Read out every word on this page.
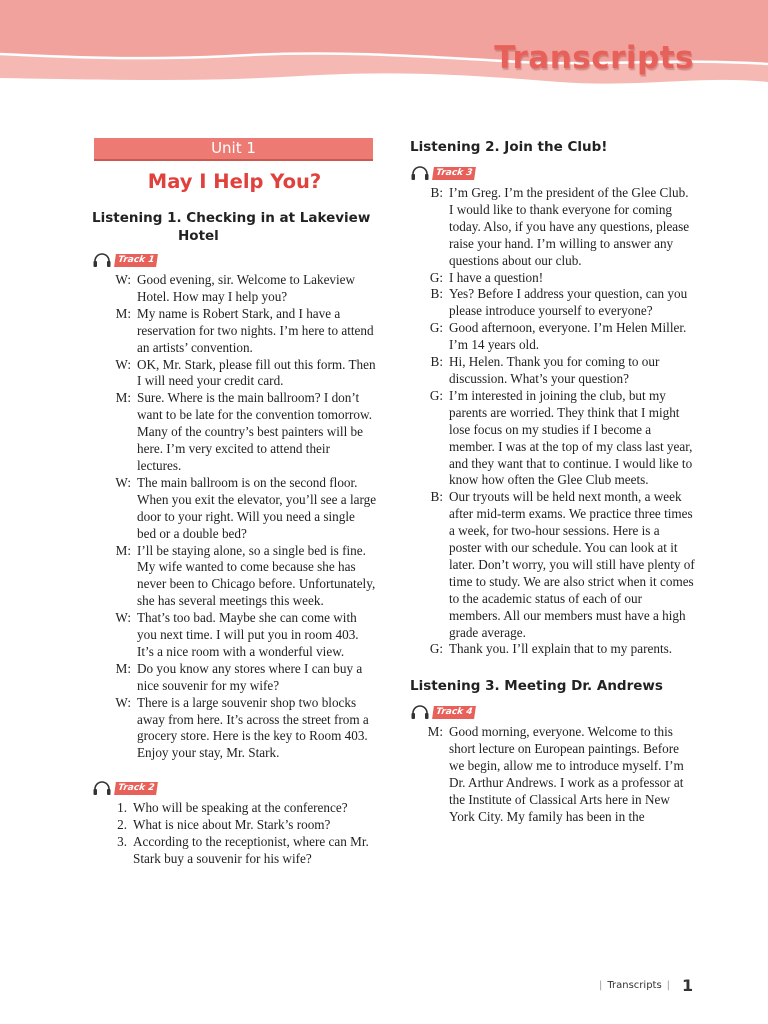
Transcripts
Unit 1
May I Help You?
Listening 1. Checking in at Lakeview
Hotel
Track 1
W: Good evening, sir. Welcome to Lakeview Hotel. How may I help you?
M: My name is Robert Stark, and I have a reservation for two nights. I’m here to attend an artists’ convention.
W: OK, Mr. Stark, please fill out this form. Then I will need your credit card.
M: Sure. Where is the main ballroom? I don’t want to be late for the convention tomorrow. Many of the country’s best painters will be here. I’m very excited to attend their lectures.
W: The main ballroom is on the second floor. When you exit the elevator, you’ll see a large door to your right. Will you need a single bed or a double bed?
M: I’ll be staying alone, so a single bed is fine. My wife wanted to come because she has never been to Chicago before. Unfortunately, she has several meetings this week.
W: That’s too bad. Maybe she can come with you next time. I will put you in room 403. It’s a nice room with a wonderful view.
M: Do you know any stores where I can buy a nice souvenir for my wife?
W: There is a large souvenir shop two blocks away from here. It’s across the street from a grocery store. Here is the key to Room 403. Enjoy your stay, Mr. Stark.
Track 2
1. Who will be speaking at the conference?
2. What is nice about Mr. Stark’s room?
3. According to the receptionist, where can Mr. Stark buy a souvenir for his wife?
Listening 2. Join the Club!
Track 3
B: I’m Greg. I’m the president of the Glee Club. I would like to thank everyone for coming today. Also, if you have any questions, please raise your hand. I’m willing to answer any questions about our club.
G: I have a question!
B: Yes? Before I address your question, can you please introduce yourself to everyone?
G: Good afternoon, everyone. I’m Helen Miller. I’m 14 years old.
B: Hi, Helen. Thank you for coming to our discussion. What’s your question?
G: I’m interested in joining the club, but my parents are worried. They think that I might lose focus on my studies if I become a member. I was at the top of my class last year, and they want that to continue. I would like to know how often the Glee Club meets.
B: Our tryouts will be held next month, a week after mid-term exams. We practice three times a week, for two-hour sessions. Here is a poster with our schedule. You can look at it later. Don’t worry, you will still have plenty of time to study. We are also strict when it comes to the academic status of each of our members. All our members must have a high grade average.
G: Thank you. I’ll explain that to my parents.
Listening 3. Meeting Dr. Andrews
Track 4
M: Good morning, everyone. Welcome to this short lecture on European paintings. Before we begin, allow me to introduce myself. I’m Dr. Arthur Andrews. I work as a professor at the Institute of Classical Arts here in New York City. My family has been in the
| Transcripts | 1
